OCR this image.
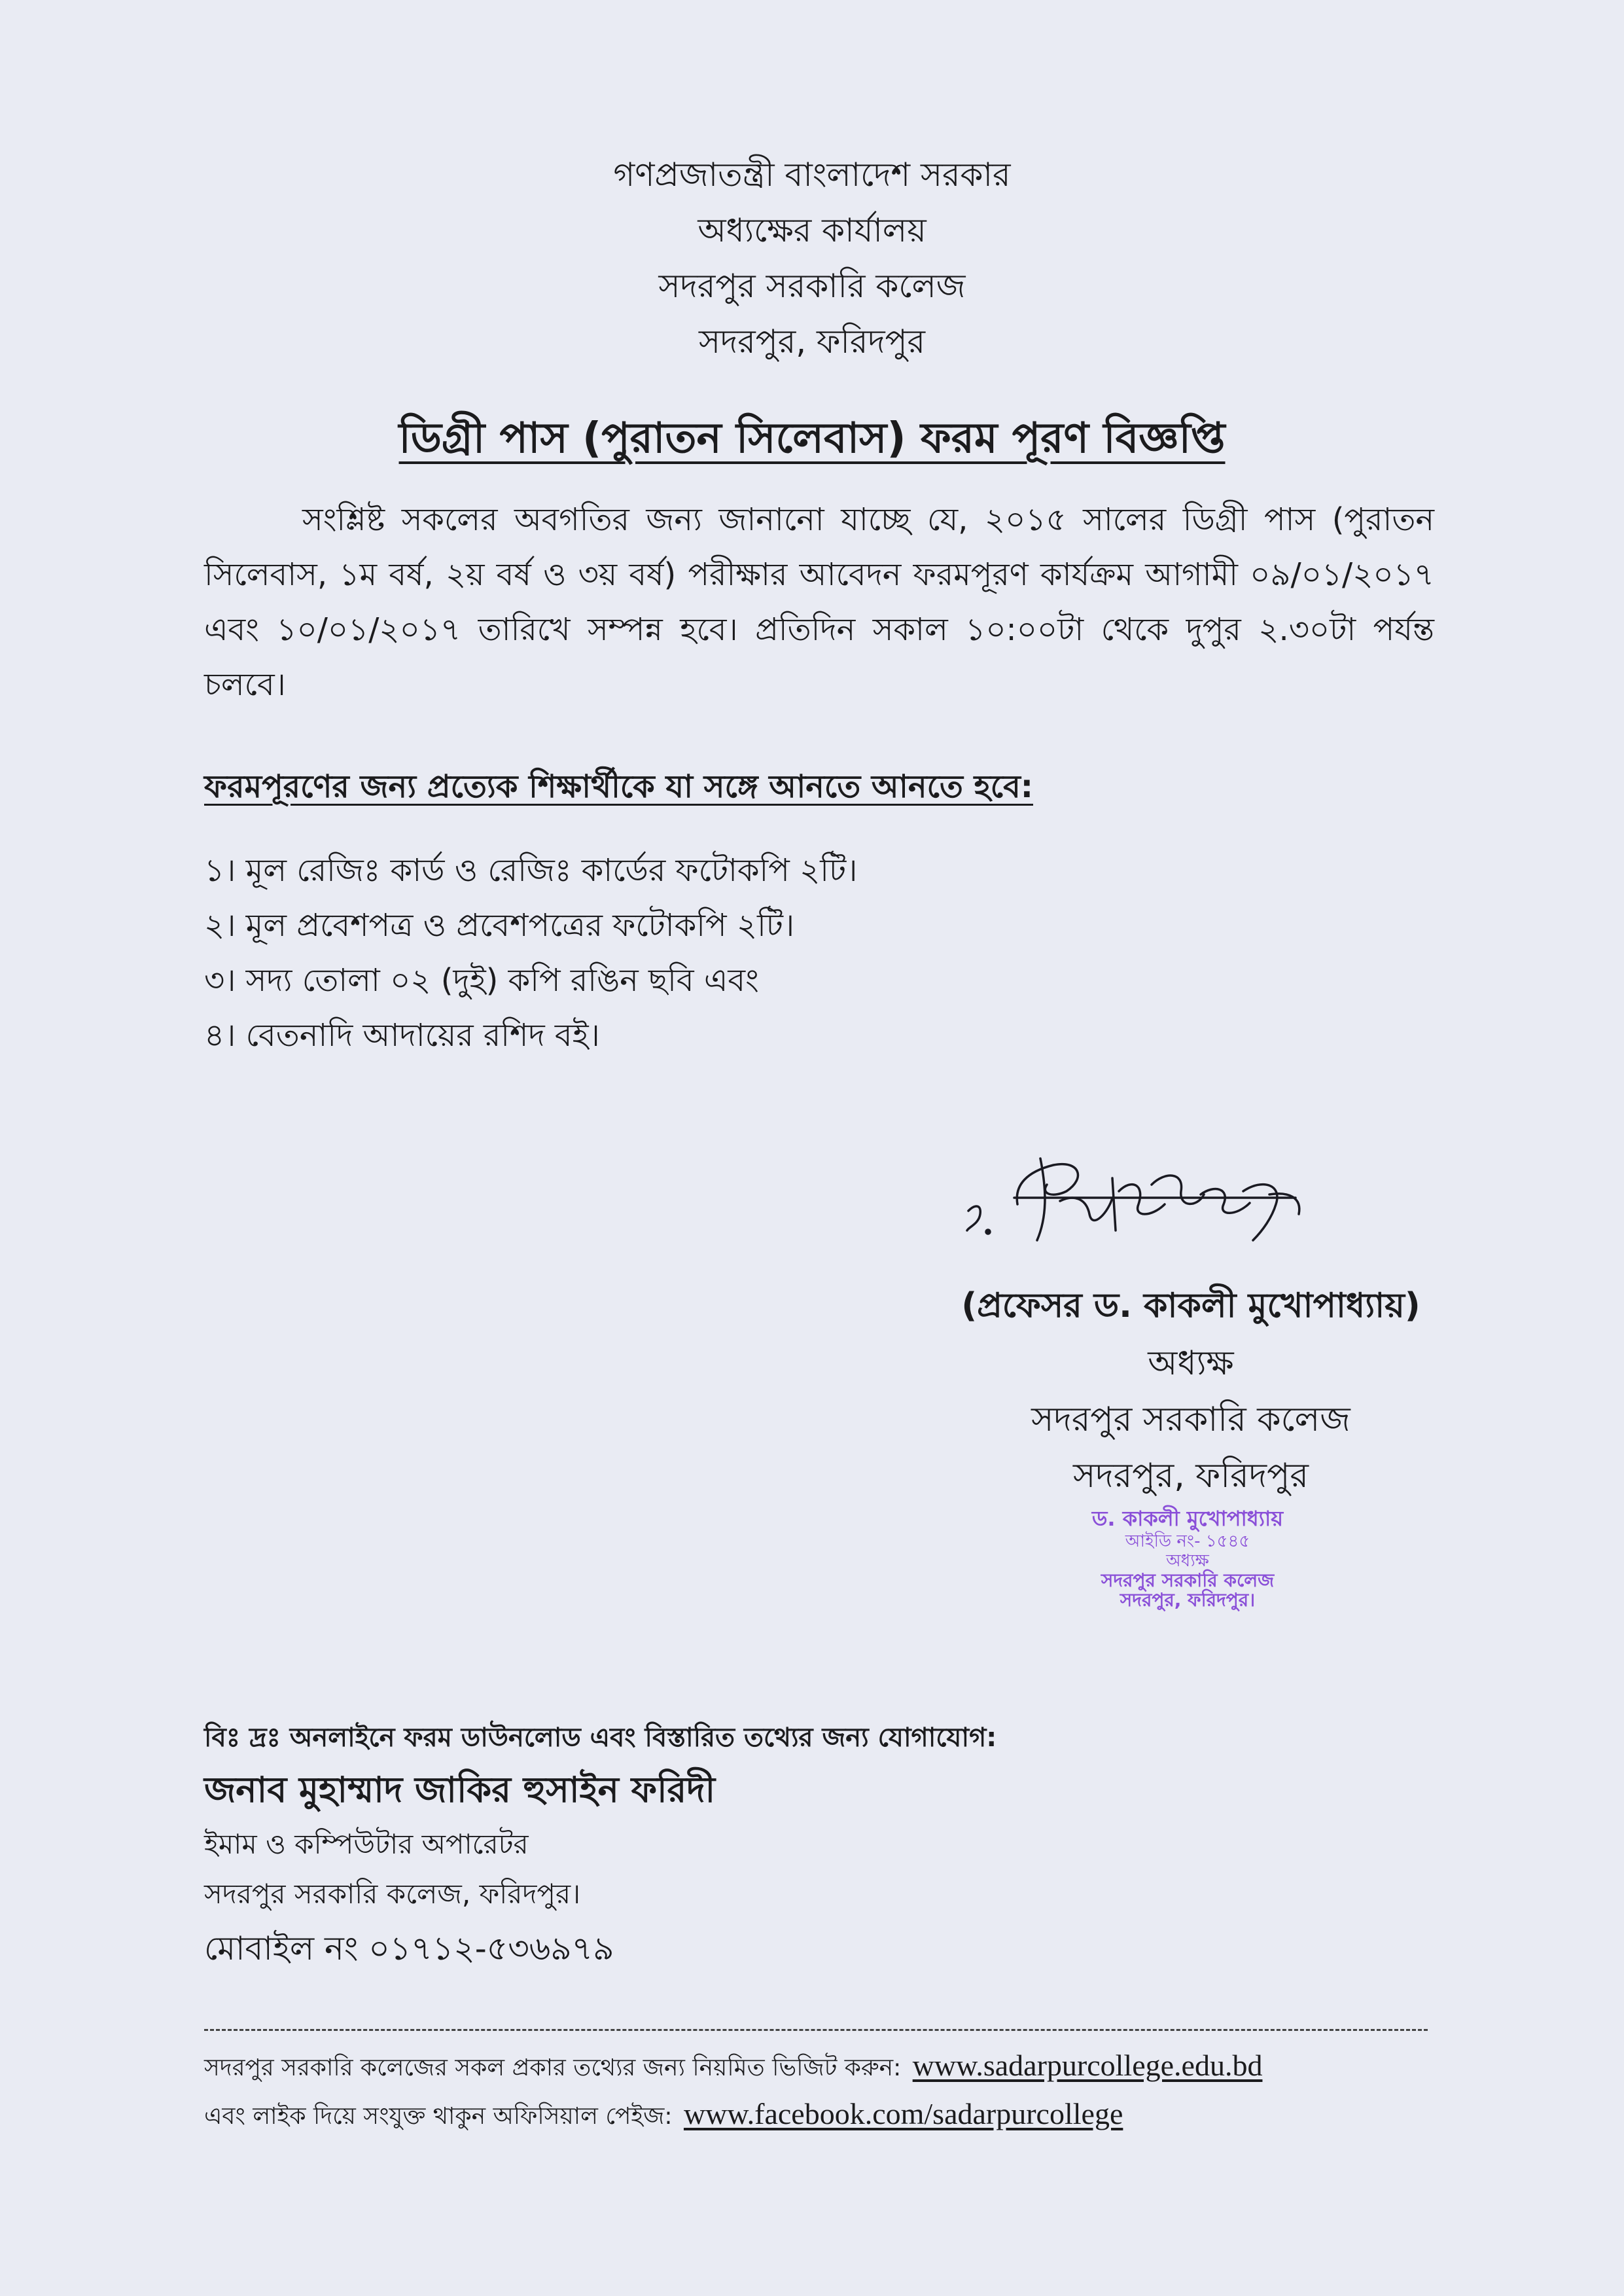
গণপ্রজাতন্ত্রী বাংলাদেশ সরকার
অধ্যক্ষের কার্যালয়
সদরপুর সরকারি কলেজ
সদরপুর, ফরিদপুর
ডিগ্রী পাস (পুরাতন সিলেবাস) ফরম পূরণ বিজ্ঞপ্তি

সংশ্লিষ্ট সকলের অবগতির জন্য জানানো যাচ্ছে যে, ২০১৫ সালের ডিগ্রী পাস (পুরাতন সিলেবাস, ১ম বর্ষ, ২য় বর্ষ ও ৩য় বর্ষ) পরীক্ষার আবেদন ফরমপূরণ কার্যক্রম আগামী ০৯/০১/২০১৭ এবং ১০/০১/২০১৭ তারিখে সম্পন্ন হবে। প্রতিদিন সকাল ১০:০০টা থেকে দুপুর ২.৩০টা পর্যন্ত চলবে।

ফরমপূরণের জন্য প্রত্যেক শিক্ষার্থীকে যা সঙ্গে আনতে আনতে হবে:
১। মূল রেজিঃ কার্ড ও রেজিঃ কার্ডের ফটোকপি ২টি।
২। মূল প্রবেশপত্র ও প্রবেশপত্রের ফটোকপি ২টি।
৩। সদ্য তোলা ০২ (দুই) কপি রঙিন ছবি এবং
৪। বেতনাদি আদায়ের রশিদ বই।
(প্রফেসর ড. কাকলী মুখোপাধ্যায়)
অধ্যক্ষ
সদরপুর সরকারি কলেজ
সদরপুর, ফরিদপুর
ড. কাকলী মুখোপাধ্যায়
আইডি নং- ১৫৪৫
অধ্যক্ষ
সদরপুর সরকারি কলেজ
সদরপুর, ফরিদপুর।
বিঃ দ্রঃ অনলাইনে ফরম ডাউনলোড এবং বিস্তারিত তথ্যের জন্য যোগাযোগ:
জনাব মুহাম্মাদ জাকির হুসাইন ফরিদী
ইমাম ও কম্পিউটার অপারেটর
সদরপুর সরকারি কলেজ, ফরিদপুর।
মোবাইল নং ০১৭১২-৫৩৬৯৭৯
সদরপুর সরকারি কলেজের সকল প্রকার তথ্যের জন্য নিয়মিত ভিজিট করুন: www.sadarpurcollege.edu.bd
এবং লাইক দিয়ে সংযুক্ত থাকুন অফিসিয়াল পেইজ: www.facebook.com/sadarpurcollege
